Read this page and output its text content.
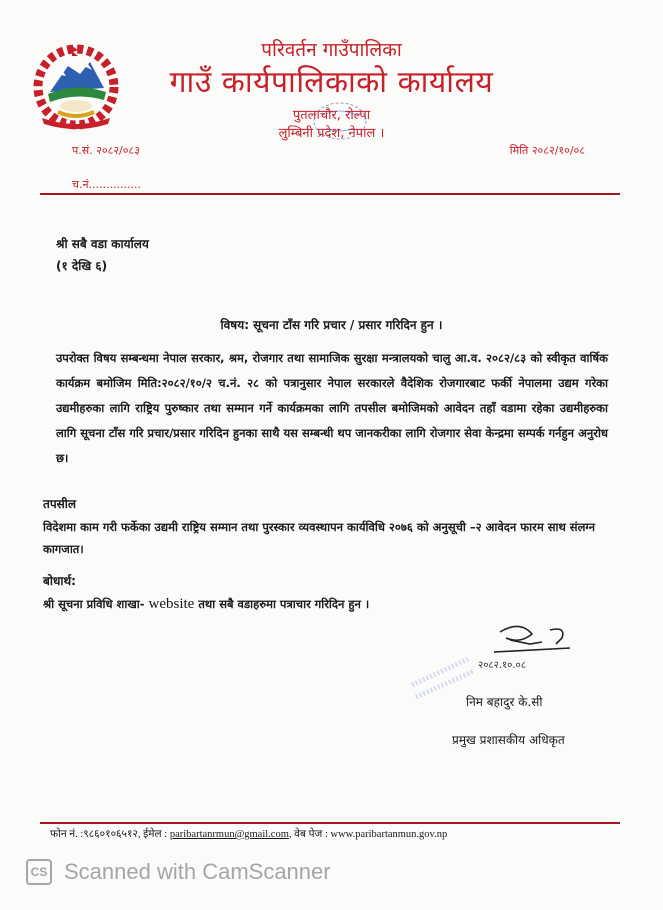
परिवर्तन गाउँपालिका
गाउँ कार्यपालिकाको कार्यालय
पुतलाचौर, रोल्पा
लुम्बिनी प्रदेश, नेपाल ।
प.सं. २०८२/०८३	मिति २०८२/१०/०८
च.नं...............
श्री सबै वडा कार्यालय
(१ देखि ६)
विषय: सूचना टाँस गरि प्रचार / प्रसार गरिदिन हुन ।
उपरोक्त विषय सम्बन्धमा नेपाल सरकार, श्रम, रोजगार तथा सामाजिक सुरक्षा मन्त्रालयको चालु आ.व. २०८२/८३ को स्वीकृत वार्षिक कार्यक्रम बमोजिम मिति:२०८२/१०/२ च.नं. २८ को पत्रानुसार नेपाल सरकारले वैदेशिक रोजगारबाट फर्की नेपालमा उद्यम गरेका उद्यमीहरुका लागि राष्ट्रिय पुरुष्कार तथा सम्मान गर्ने कार्यक्रमका लागि तपसील बमोजिमको आवेदन तहाँ वडामा रहेका उद्यमीहरुका लागि सूचना टाँस गरि प्रचार/प्रसार गरिदिन हुनका साथै यस सम्बन्धी थप जानकरीका लागि रोजगार सेवा केन्द्रमा सम्पर्क गर्नहुन अनुरोध छ।
तपसील
विदेशमा काम गरी फर्केका उद्यमी राष्ट्रिय सम्मान तथा पुरस्कार व्यवस्थापन कार्यविधि २०७६ को अनुसूची –२ आवेदन फारम साथ संलग्न कागजात।
बोधार्थ:
श्री सूचना प्रविधि शाखा- website तथा सबै वडाहरुमा पत्राचार गरिदिन हुन ।
२०८२.१०.०८
निम बहादुर के.सी
प्रमुख प्रशासकीय अधिकृत
फोन नं. :९८६०१०६५१२, ईमेल : paribartanrmun@gmail.com, वेब पेज : www.paribartanmun.gov.np
CS Scanned with CamScanner
